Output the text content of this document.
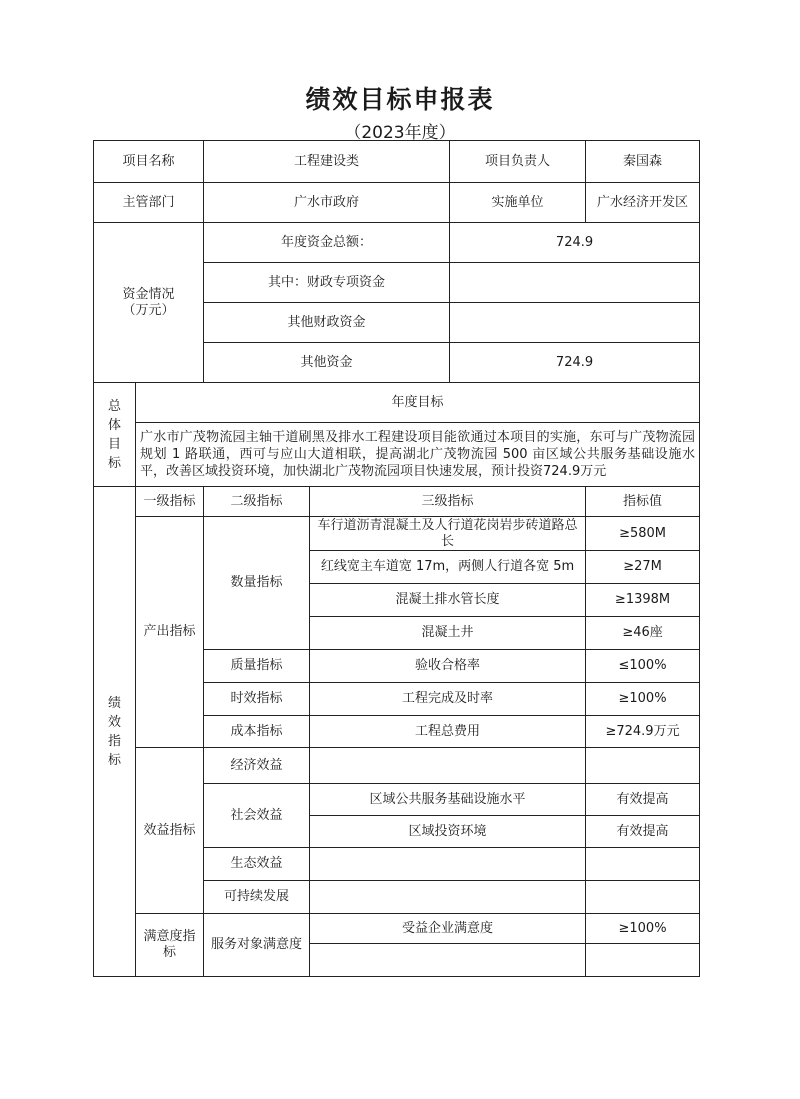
绩效目标申报表
（2023年度）
项目名称		工程建设类		项目负责人	秦国森
主管部门		广水市政府		实施单位	广水经济开发区
资金情况
（万元）		年度资金总额：		724.9	
		其中：财政专项资金			
		其他财政资金			
		其他资金		724.9	
总
体
目
标	年度目标				
	广水市广茂物流园主轴干道刷黑及排水工程建设项目能欲通过本项目的实施，东可与广茂物流园规划 1 路联通，西可与应山大道相联，提高湖北广茂物流园 500 亩区域公共服务基础设施水平，改善区域投资环境，加快湖北广茂物流园项目快速发展，预计投资724.9万元				
绩
效
指
标	一级指标	二级指标	三级指标		指标值
	产出指标	数量指标	车行道沥青混凝土及人行道花岗岩步砖道路总长		≥580M
			红线宽主车道宽 17m，两侧人行道各宽 5m		≥27M
			混凝土排水管长度		≥1398M
			混凝土井		≥46座
		质量指标	验收合格率		≤100%
		时效指标	工程完成及时率		≥100%
		成本指标	工程总费用		≥724.9万元
	效益指标	经济效益			
		社会效益	区域公共服务基础设施水平		有效提高
			区域投资环境		有效提高
		生态效益			
		可持续发展			
	满意度指标	服务对象满意度	受益企业满意度		≥100%
